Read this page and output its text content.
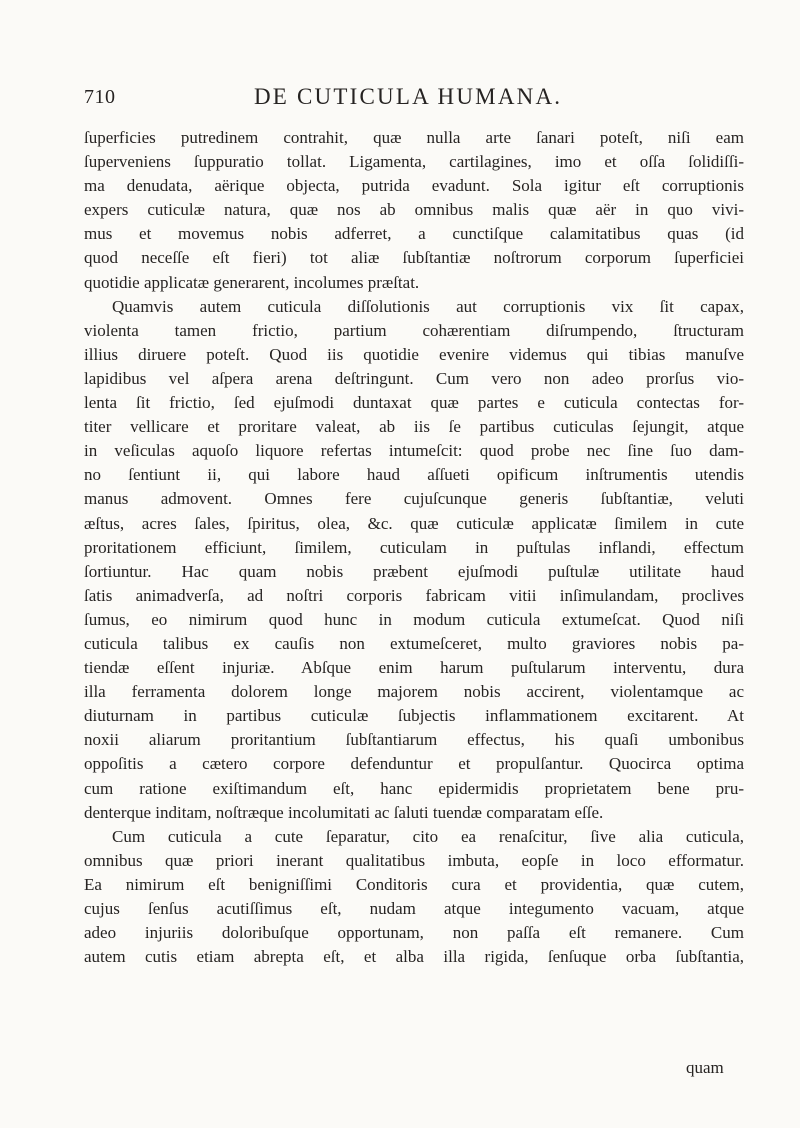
710	DE CUTICULA HUMANA.
ſuperficies putredinem contrahit, quæ nulla arte ſanari poteſt, niſi eam
ſuperveniens ſuppuratio tollat. Ligamenta, cartilagines, imo et oſſa ſolidiſſi-
ma denudata, aërique objecta, putrida evadunt. Sola igitur eſt corruptionis
expers cuticulæ natura, quæ nos ab omnibus malis quæ aër in quo vivi-
mus et movemus nobis adferret, a cunctiſque calamitatibus quas (id
quod neceſſe eſt fieri) tot aliæ ſubſtantiæ noſtrorum corporum ſuperficiei
quotidie applicatæ generarent, incolumes præſtat.
Quamvis autem cuticula diſſolutionis aut corruptionis vix ſit capax,
violenta tamen frictio, partium cohærentiam diſrumpendo, ſtructuram
illius diruere poteſt. Quod iis quotidie evenire videmus qui tibias manuſve
lapidibus vel aſpera arena deſtringunt. Cum vero non adeo prorſus vio-
lenta ſit frictio, ſed ejuſmodi duntaxat quæ partes e cuticula contectas for-
titer vellicare et proritare valeat, ab iis ſe partibus cuticulas ſejungit, atque
in veſiculas aquoſo liquore refertas intumeſcit: quod probe nec ſine ſuo dam-
no ſentiunt ii, qui labore haud aſſueti opificum inſtrumentis utendis
manus admovent. Omnes fere cujuſcunque generis ſubſtantiæ, veluti
æſtus, acres ſales, ſpiritus, olea, &c. quæ cuticulæ applicatæ ſimilem in cute
proritationem efficiunt, ſimilem, cuticulam in puſtulas inflandi, effectum
ſortiuntur. Hac quam nobis præbent ejuſmodi puſtulæ utilitate haud
ſatis animadverſa, ad noſtri corporis fabricam vitii inſimulandam, proclives
ſumus, eo nimirum quod hunc in modum cuticula extumeſcat. Quod niſi
cuticula talibus ex cauſis non extumeſceret, multo graviores nobis pa-
tiendæ eſſent injuriæ. Abſque enim harum puſtularum interventu, dura
illa ferramenta dolorem longe majorem nobis accirent, violentamque ac
diuturnam in partibus cuticulæ ſubjectis inflammationem excitarent. At
noxii aliarum proritantium ſubſtantiarum effectus, his quaſi umbonibus
oppoſitis a cætero corpore defenduntur et propulſantur. Quocirca optima
cum ratione exiſtimandum eſt, hanc epidermidis proprietatem bene pru-
denterque inditam, noſtræque incolumitati ac ſaluti tuendæ comparatam eſſe.
Cum cuticula a cute ſeparatur, cito ea renaſcitur, ſive alia cuticula,
omnibus quæ priori inerant qualitatibus imbuta, eopſe in loco efformatur.
Ea nimirum eſt benigniſſimi Conditoris cura et providentia, quæ cutem,
cujus ſenſus acutiſſimus eſt, nudam atque integumento vacuam, atque
adeo injuriis doloribuſque opportunam, non paſſa eſt remanere. Cum
autem cutis etiam abrepta eſt, et alba illa rigida, ſenſuque orba ſubſtantia,
quam
